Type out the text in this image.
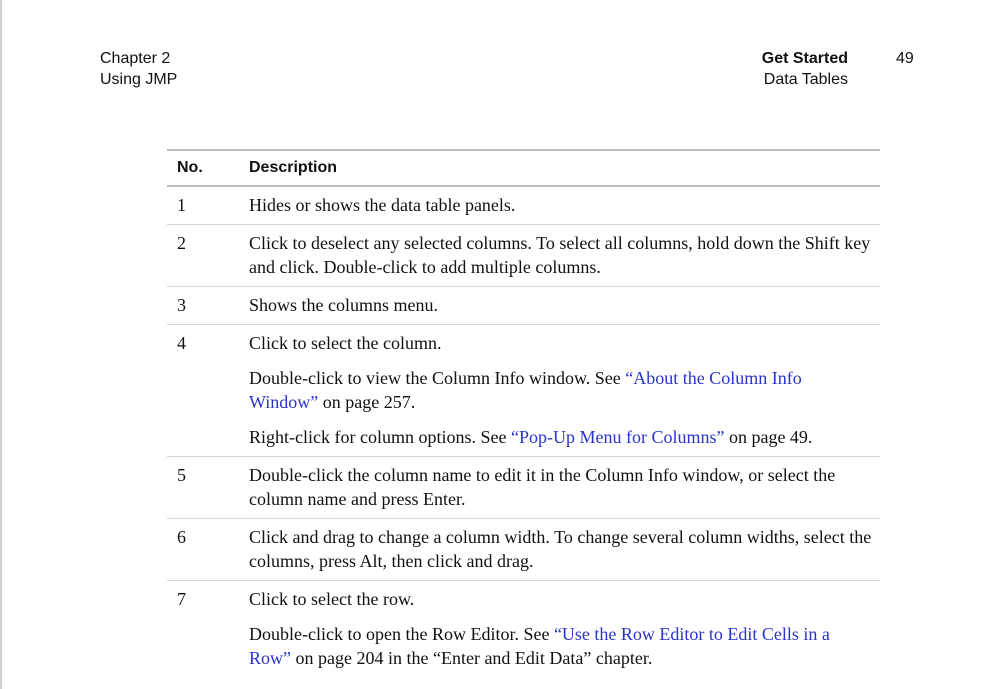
Chapter 2
Using JMP
Get Started
Data Tables
49
No.	Description
1	Hides or shows the data table panels.

2	Click to deselect any selected columns. To select all columns, hold down the Shift key and click. Double-click to add multiple columns.

3	Shows the columns menu.

4	Click to select the column.

Double-click to view the Column Info window. See “About the Column Info Window” on page 257.

Right-click for column options. See “Pop-Up Menu for Columns” on page 49.

5	Double-click the column name to edit it in the Column Info window, or select the column name and press Enter.

6	Click and drag to change a column width. To change several column widths, select the columns, press Alt, then click and drag.

7	Click to select the row.

Double-click to open the Row Editor. See “Use the Row Editor to Edit Cells in a Row” on page 204 in the “Enter and Edit Data” chapter.
